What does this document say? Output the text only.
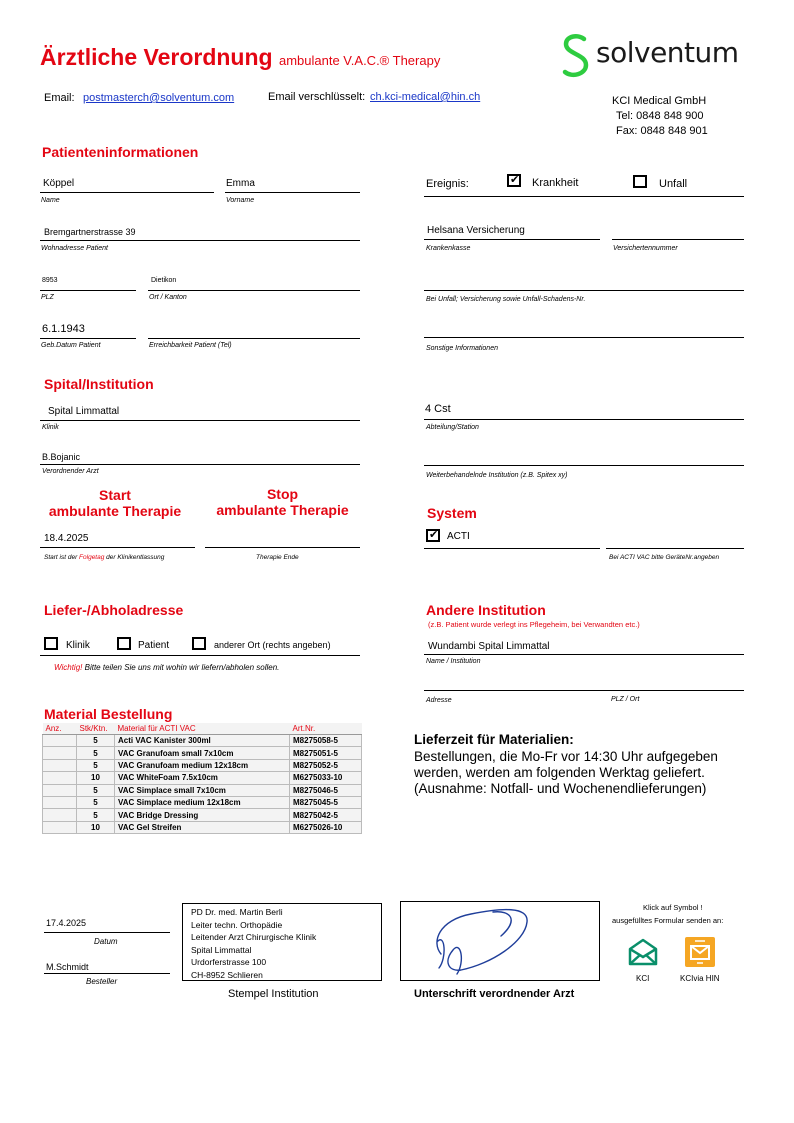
Ärztliche Verordnung ambulante V.A.C.® Therapy	solventum
Email: postmasterch@solventum.com	Email verschlüsselt: ch.kci-medical@hin.ch	KCI Medical GmbH
Tel: 0848 848 900
Fax: 0848 848 901
Patienteninformationen
Köppel
Name
Emma
Vorname
Bremgartnerstrasse 39
Wohnadresse Patient
8953
PLZ
Dietikon
Ort / Kanton
6.1.1943
Geb.Datum Patient	Erreichbarkeit Patient (Tel)
Ereignis: ✔	Krankheit	Unfall
Helsana Versicherung
Krankenkasse	Versichertennummer
Bei Unfall; Versicherung sowie Unfall-Schadens-Nr.
Sonstige Informationen
Spital/Institution
Spital Limmattal
Klinik
4 Cst
Abteilung/Station
B.Bojanic
Verordnender Arzt
Weiterbehandelnde Institution (z.B. Spitex xy)
Start
ambulante Therapie
Stop
ambulante Therapie
18.4.2025
Start ist der Folgetag der Klinikentlassung	Therapie Ende
System
✔
ACTI
Bei ACTI VAC bitte GeräteNr.angeben
Liefer-/Abholadresse
Klinik	Patient	anderer Ort (rechts angeben)
Wichtig! Bitte teilen Sie uns mit wohin wir liefern/abholen sollen.
Andere Institution
(z.B. Patient wurde verlegt ins Pflegeheim, bei Verwandten etc.)
Wundambi Spital Limmattal
Name / Institution
Adresse	PLZ / Ort
Material Bestellung
Anz.	Stk/Ktn.	Material für ACTI VAC	Art.Nr.
	5	Acti VAC Kanister 300ml	M8275058-5
	5	VAC Granufoam small 7x10cm	M8275051-5
	5	VAC Granufoam medium 12x18cm	M8275052-5
	10	VAC WhiteFoam 7.5x10cm	M6275033-10
	5	VAC Simplace small 7x10cm	M8275046-5
	5	VAC Simplace medium 12x18cm	M8275045-5
	5	VAC Bridge Dressing	M8275042-5
	10	VAC Gel Streifen	M6275026-10
Lieferzeit für Materialien:
Bestellungen, die Mo-Fr vor 14:30 Uhr aufgegeben werden, werden am folgenden Werktag geliefert. (Ausnahme: Notfall- und Wochenendlieferungen)
17.4.2025
Datum
M.Schmidt
Besteller
PD Dr. med. Martin Berli
Leiter techn. Orthopädie
Leitender Arzt Chirurgische Klinik
Spital Limmattal
Urdorferstrasse 100
CH-8952 Schlieren
Stempel Institution	Unterschrift verordnender Arzt
Klick auf Symbol !
ausgefülltes Formular senden an:
KCI	KCIvia HIN
